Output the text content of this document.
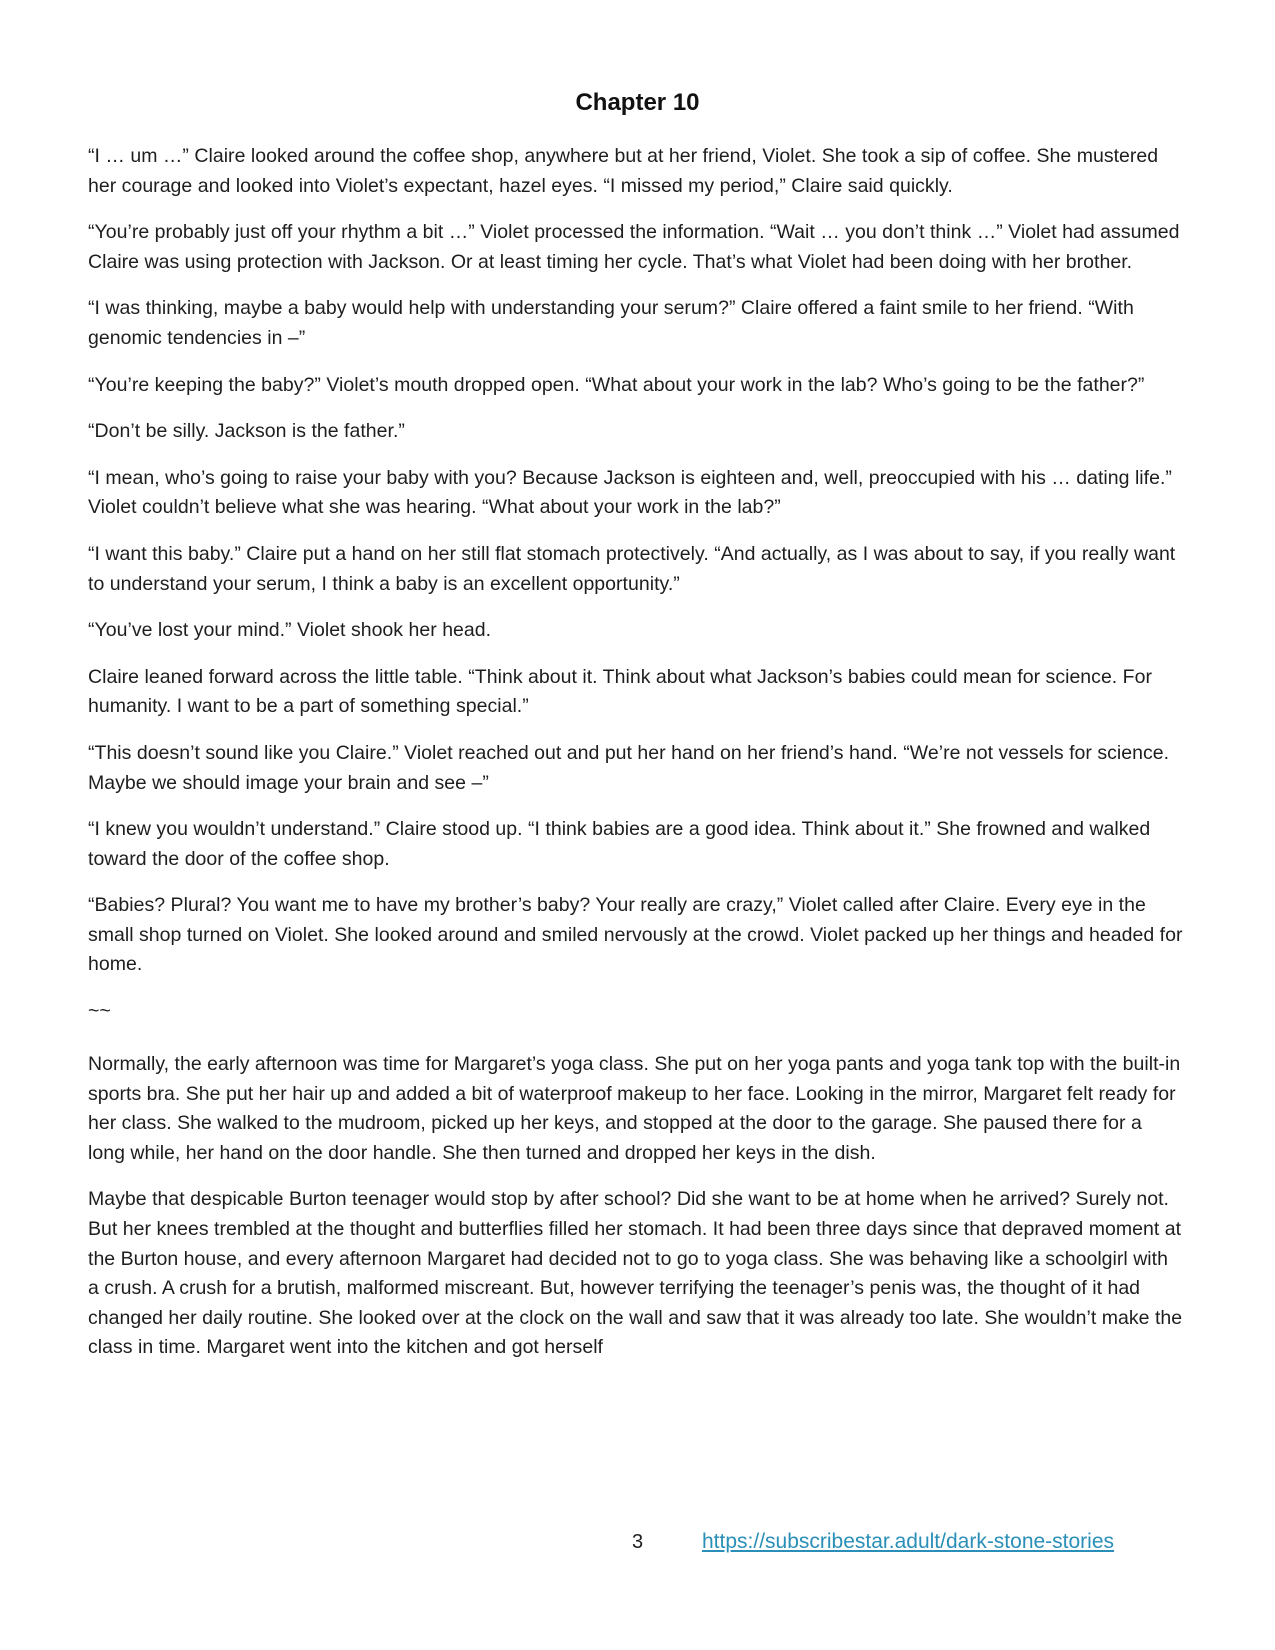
Chapter 10

“I … um …” Claire looked around the coffee shop, anywhere but at her friend, Violet. She took a sip of coffee. She mustered her courage and looked into Violet’s expectant, hazel eyes. “I missed my period,” Claire said quickly.

“You’re probably just off your rhythm a bit …” Violet processed the information. “Wait … you don’t think …” Violet had assumed Claire was using protection with Jackson. Or at least timing her cycle. That’s what Violet had been doing with her brother.

“I was thinking, maybe a baby would help with understanding your serum?” Claire offered a faint smile to her friend. “With genomic tendencies in –”

“You’re keeping the baby?” Violet’s mouth dropped open. “What about your work in the lab? Who’s going to be the father?”

“Don’t be silly. Jackson is the father.”

“I mean, who’s going to raise your baby with you? Because Jackson is eighteen and, well, preoccupied with his … dating life.” Violet couldn’t believe what she was hearing. “What about your work in the lab?”

“I want this baby.” Claire put a hand on her still flat stomach protectively. “And actually, as I was about to say, if you really want to understand your serum, I think a baby is an excellent opportunity.”

“You’ve lost your mind.” Violet shook her head.

Claire leaned forward across the little table. “Think about it. Think about what Jackson’s babies could mean for science. For humanity. I want to be a part of something special.”

“This doesn’t sound like you Claire.” Violet reached out and put her hand on her friend’s hand. “We’re not vessels for science. Maybe we should image your brain and see –”

“I knew you wouldn’t understand.” Claire stood up. “I think babies are a good idea. Think about it.” She frowned and walked toward the door of the coffee shop.

“Babies? Plural? You want me to have my brother’s baby? Your really are crazy,” Violet called after Claire. Every eye in the small shop turned on Violet. She looked around and smiled nervously at the crowd. Violet packed up her things and headed for home.

~~

Normally, the early afternoon was time for Margaret’s yoga class. She put on her yoga pants and yoga tank top with the built-in sports bra. She put her hair up and added a bit of waterproof makeup to her face. Looking in the mirror, Margaret felt ready for her class. She walked to the mudroom, picked up her keys, and stopped at the door to the garage. She paused there for a long while, her hand on the door handle. She then turned and dropped her keys in the dish.

Maybe that despicable Burton teenager would stop by after school? Did she want to be at home when he arrived? Surely not. But her knees trembled at the thought and butterflies filled her stomach. It had been three days since that depraved moment at the Burton house, and every afternoon Margaret had decided not to go to yoga class. She was behaving like a schoolgirl with a crush. A crush for a brutish, malformed miscreant. But, however terrifying the teenager’s penis was, the thought of it had changed her daily routine. She looked over at the clock on the wall and saw that it was already too late. She wouldn’t make the class in time. Margaret went into the kitchen and got herself

3	https://subscribestar.adult/dark-stone-stories
